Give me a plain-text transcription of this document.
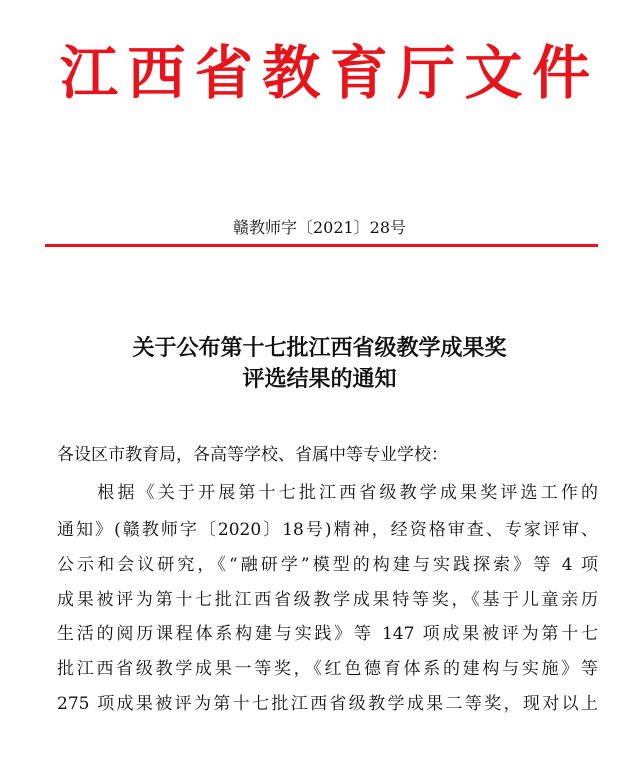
江西省教育厅文件
赣教师字〔2021〕28号
关于公布第十七批江西省级教学成果奖
评选结果的通知
各设区市教育局，各高等学校、省属中等专业学校：
　　根据《关于开展第十七批江西省级教学成果奖评选工作的
通知》(赣教师字〔2020〕18号)精神，经资格审查、专家评审、
公示和会议研究，《“融研学”模型的构建与实践探索》等 4 项
成果被评为第十七批江西省级教学成果特等奖，《基于儿童亲历
生活的阅历课程体系构建与实践》等 147 项成果被评为第十七
批江西省级教学成果一等奖，《红色德育体系的建构与实施》等
275 项成果被评为第十七批江西省级教学成果二等奖，现对以上
